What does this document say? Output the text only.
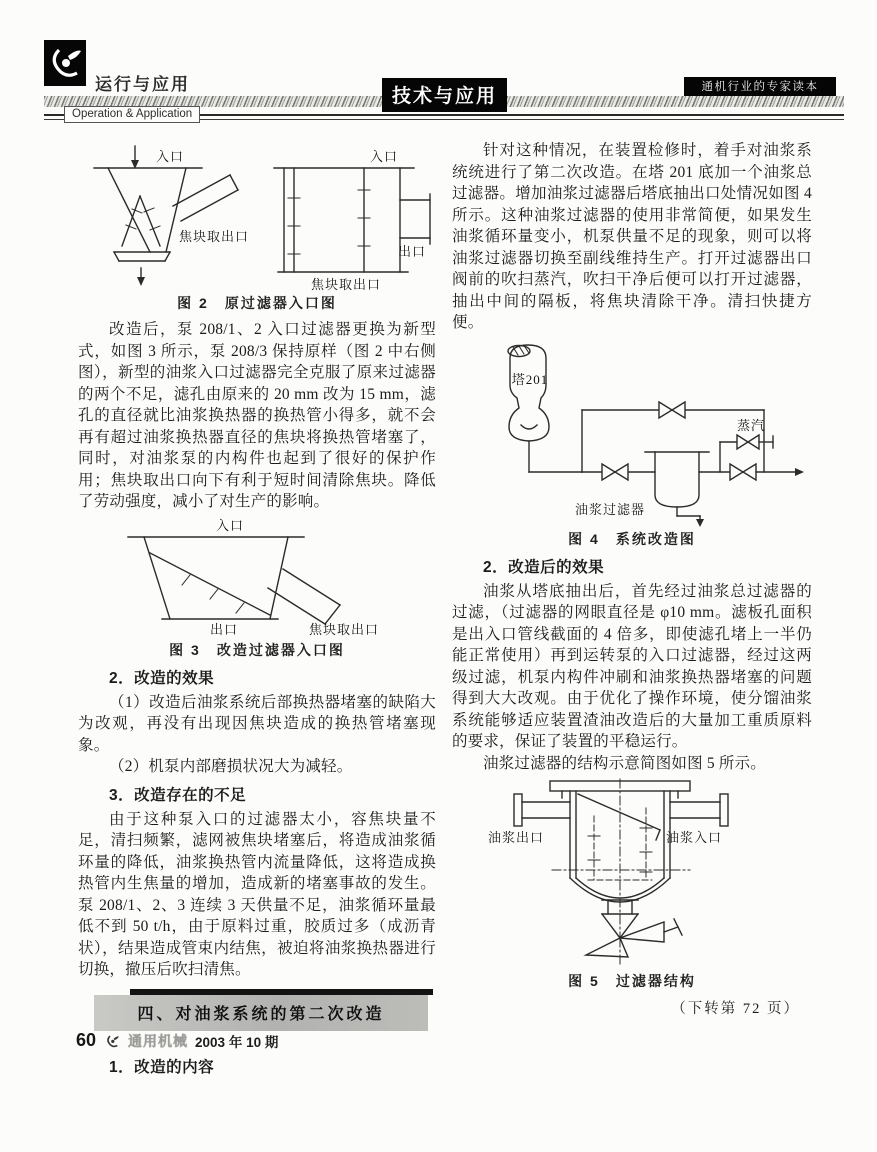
运行与应用
技术与应用	通机行业的专家读本
Operation & Application
入口
焦块取出口
入口
出口
焦块取出口
图 2　原过滤器入口图

改造后，泵 208/1、2 入口过滤器更换为新型式，如图 3 所示，泵 208/3 保持原样（图 2 中右侧图），新型的油浆入口过滤器完全克服了原来过滤器的两个不足，滤孔由原来的 20 mm 改为 15 mm，滤孔的直径就比油浆换热器的换热管小得多，就不会再有超过油浆换热器直径的焦块将换热管堵塞了，同时，对油浆泵的内构件也起到了很好的保护作用；焦块取出口向下有利于短时间清除焦块。降低了劳动强度，减小了对生产的影响。

入口
出口	焦块取出口
图 3　改造过滤器入口图
2．改造的效果

（1）改造后油浆系统后部换热器堵塞的缺陷大为改观，再没有出现因焦块造成的换热管堵塞现象。

（2）机泵内部磨损状况大为减轻。

3．改造存在的不足

由于这种泵入口的过滤器太小，容焦块量不足，清扫频繁，滤网被焦块堵塞后，将造成油浆循环量的降低，油浆换热管内流量降低，这将造成换热管内生焦量的增加，造成新的堵塞事故的发生。泵 208/1、2、3 连续 3 天供量不足，油浆循环量最低不到 50 t/h，由于原料过重，胶质过多（成沥青状），结果造成管束内结焦，被迫将油浆换热器进行切换，撤压后吹扫清焦。

四、对油浆系统的第二次改造
1．改造的内容

针对这种情况，在装置检修时，着手对油浆系统统进行了第二次改造。在塔 201 底加一个油浆总过滤器。增加油浆过滤器后塔底抽出口处情况如图 4 所示。这种油浆过滤器的使用非常简便，如果发生油浆循环量变小，机泵供量不足的现象，则可以将油浆过滤器切换至副线维持生产。打开过滤器出口阀前的吹扫蒸汽，吹扫干净后便可以打开过滤器，抽出中间的隔板，将焦块清除干净。清扫快捷方便。

塔201
蒸汽
油浆过滤器
图 4　系统改造图
2．改造后的效果

油浆从塔底抽出后，首先经过油浆总过滤器的过滤，（过滤器的网眼直径是 φ10 mm。滤板孔面积是出入口管线截面的 4 倍多，即使滤孔堵上一半仍能正常使用）再到运转泵的入口过滤器，经过这两级过滤，机泵内构件冲刷和油浆换热器堵塞的问题得到大大改观。由于优化了操作环境，使分馏油浆系统能够适应装置渣油改造后的大量加工重质原料的要求，保证了装置的平稳运行。

油浆过滤器的结构示意简图如图 5 所示。

油浆出口	油浆入口
图 5　过滤器结构
（下转第 72 页）
60 通用机械 2003 年 10 期
